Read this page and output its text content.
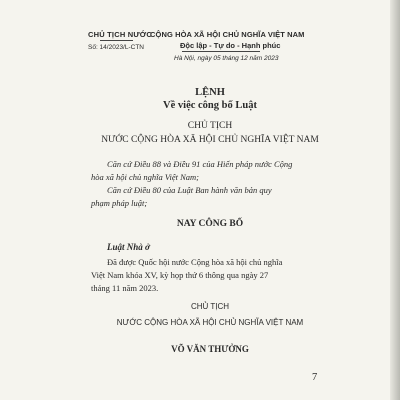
CHỦ TỊCH NƯỚC
Số: 14/2023/L-CTN
CỘNG HÒA XÃ HỘI CHỦ NGHĨA VIỆT NAM
Độc lập - Tự do - Hạnh phúc
Hà Nội, ngày 05 tháng 12 năm 2023
LỆNH
Về việc công bố Luật
CHỦ TỊCH
NƯỚC CỘNG HÒA XÃ HỘI CHỦ NGHĨA VIỆT NAM

Căn cứ Điều 88 và Điều 91 của Hiến pháp nước Cộng

hòa xã hội chủ nghĩa Việt Nam;

Căn cứ Điều 80 của Luật Ban hành văn bản quy

phạm pháp luật;

NAY CÔNG BỐ
Luật Nhà ở

Đã được Quốc hội nước Cộng hòa xã hội chủ nghĩa

Việt Nam khóa XV, kỳ họp thứ 6 thông qua ngày 27

tháng 11 năm 2023.

CHỦ TỊCH
NƯỚC CỘNG HÒA XÃ HỘI CHỦ NGHĨA VIỆT NAM
VÕ VĂN THƯỞNG
7
